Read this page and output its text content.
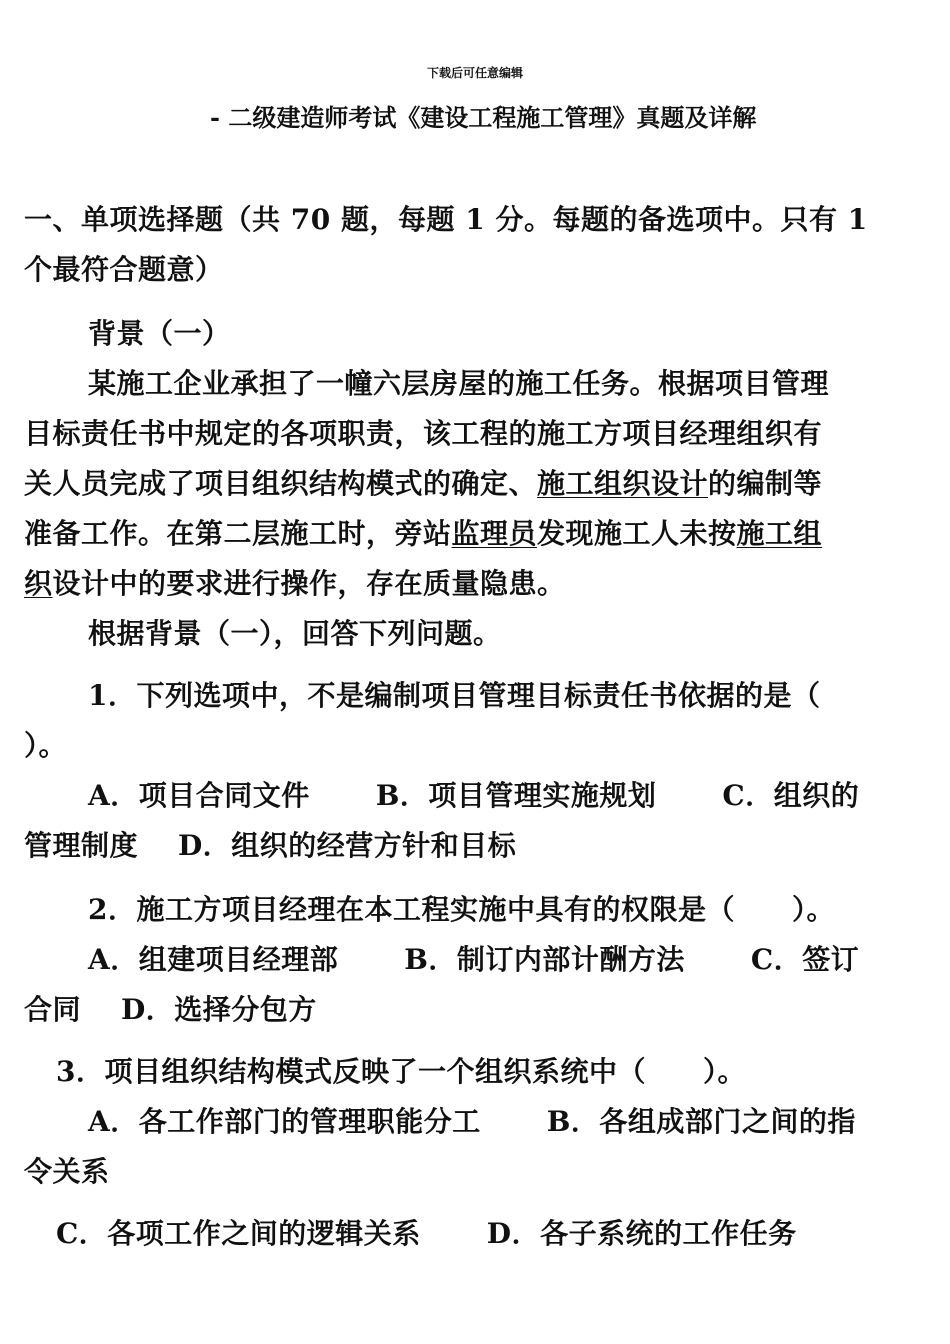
下载后可任意编辑
- 二级建造师考试《建设工程施工管理》真题及详解
一、单项选择题（共 70 题，每题 1 分。每题的备选项中。只有 1
个最符合题意）
背景（一）
某施工企业承担了一幢六层房屋的施工任务。根据项目管理
目标责任书中规定的各项职责，该工程的施工方项目经理组织有
关人员完成了项目组织结构模式的确定、施工组织设计的编制等
准备工作。在第二层施工时，旁站监理员发现施工人未按施工组
织设计中的要求进行操作，存在质量隐患。
根据背景（一），回答下列问题。
1．下列选项中，不是编制项目管理目标责任书依据的是（
）。
A．项目合同文件 B．项目管理实施规划 C．组织的
管理制度 D．组织的经营方针和目标
2．施工方项目经理在本工程实施中具有的权限是（　　）。
A．组建项目经理部 B．制订内部计酬方法 C．签订
合同 D．选择分包方
3．项目组织结构模式反映了一个组织系统中（　　）。
A．各工作部门的管理职能分工 B．各组成部门之间的指
令关系
C．各项工作之间的逻辑关系 D．各子系统的工作任务
